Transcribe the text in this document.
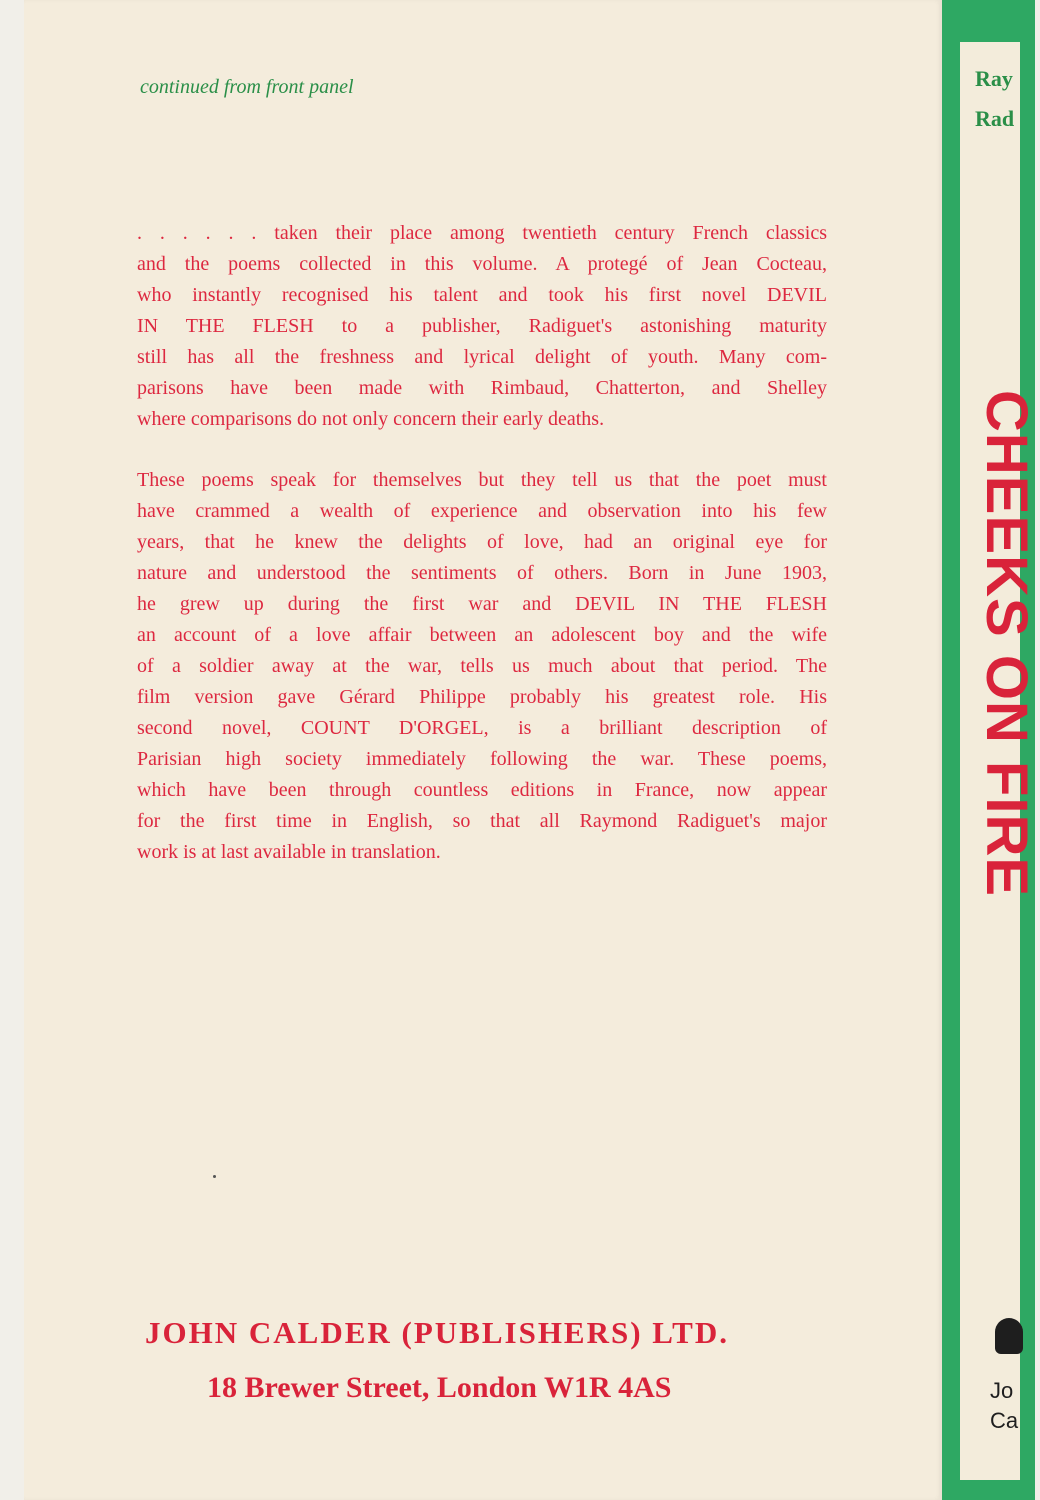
Ray
Rad
CHEEKS ON FIRE
Jo
Ca
continued from front panel
. . . . . . taken their place among twentieth century French classics
and the poems collected in this volume. A protegé of Jean Cocteau,
who instantly recognised his talent and took his first novel DEVIL
IN THE FLESH to a publisher, Radiguet's astonishing maturity
still has all the freshness and lyrical delight of youth. Many com-
parisons have been made with Rimbaud, Chatterton, and Shelley
where comparisons do not only concern their early deaths.
These poems speak for themselves but they tell us that the poet must
have crammed a wealth of experience and observation into his few
years, that he knew the delights of love, had an original eye for
nature and understood the sentiments of others. Born in June 1903,
he grew up during the first war and DEVIL IN THE FLESH
an account of a love affair between an adolescent boy and the wife
of a soldier away at the war, tells us much about that period. The
film version gave Gérard Philippe probably his greatest role. His
second novel, COUNT D'ORGEL, is a brilliant description of
Parisian high society immediately following the war. These poems,
which have been through countless editions in France, now appear
for the first time in English, so that all Raymond Radiguet's major
work is at last available in translation.
JOHN CALDER (PUBLISHERS) LTD.
18 Brewer Street, London W1R 4AS
